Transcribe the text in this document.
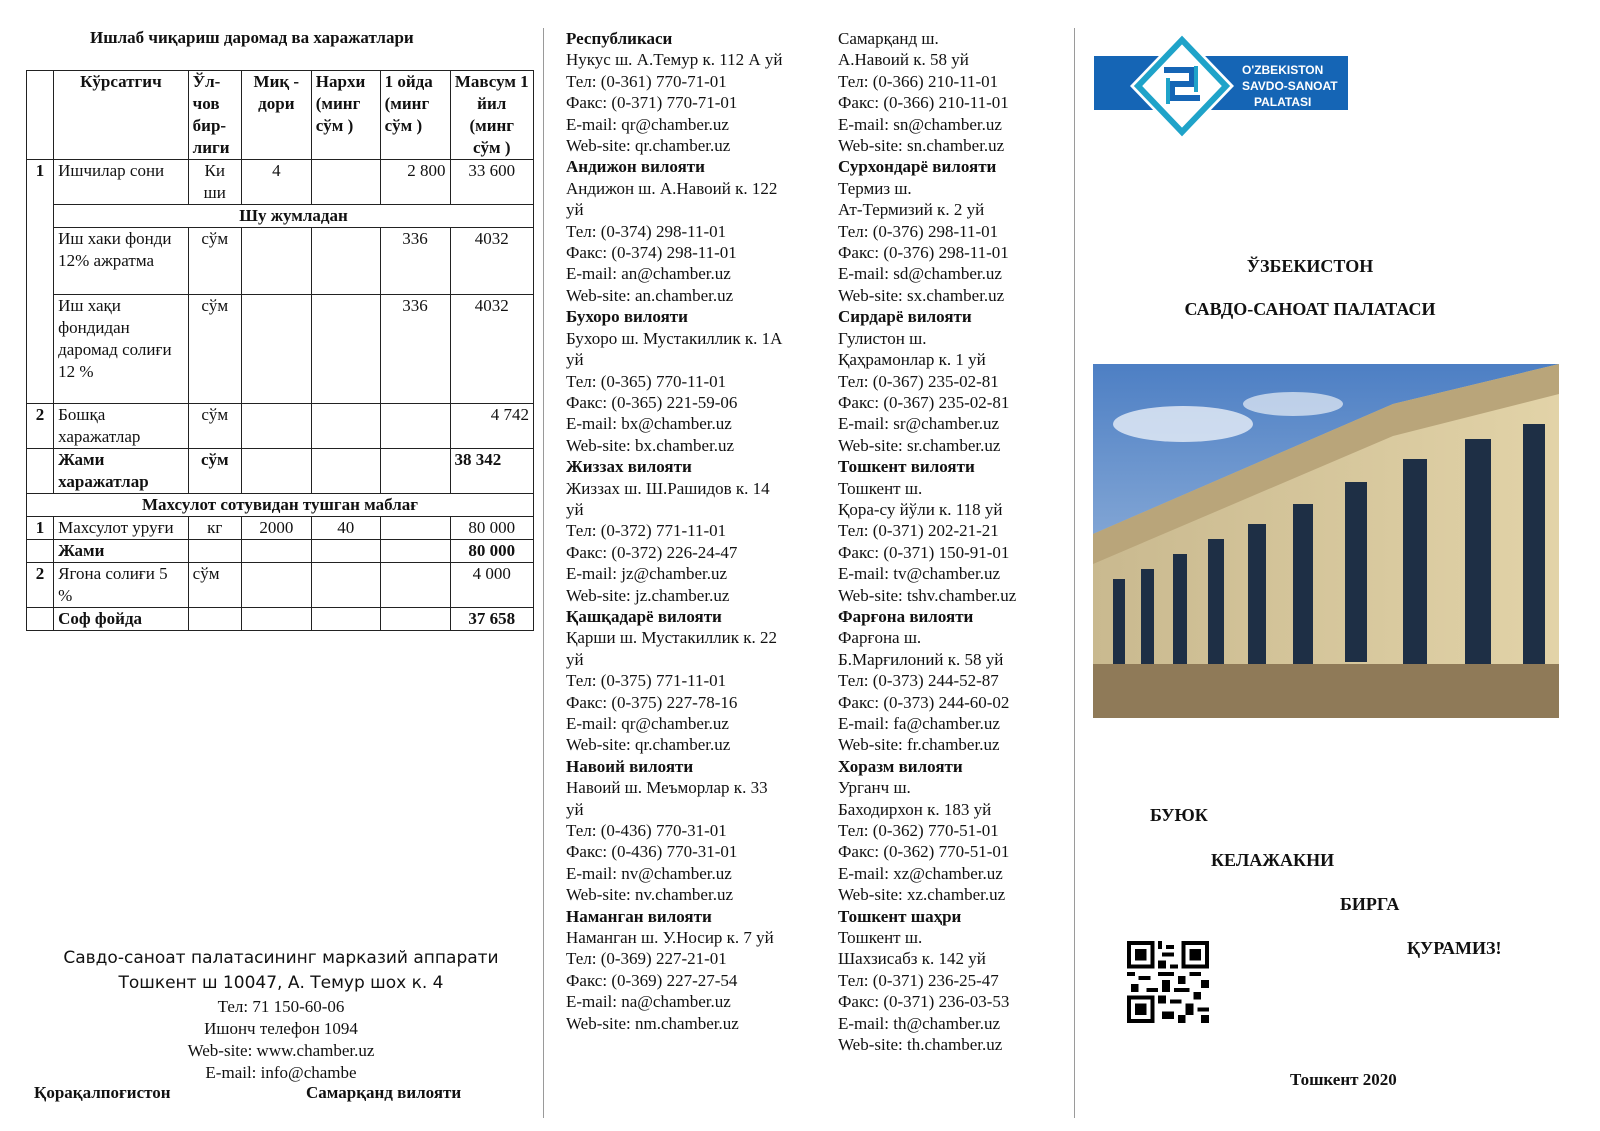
Ишлаб чиқариш даромад ва харажатлари
	Кўрсатгич	Ўл-чов бир-лиги	Миқ - дори	Нархи (минг сўм )	1 ойда (минг сўм )	Мавсум 1 йил (минг сўм )
1	Ишчилар сони	Ки ши	4		2 800	33 600
	Шу жумладан					
	Иш хаки фонди 12% ажратма	сўм			336	4032
	Иш хақи фондидан даромад солиғи 12 %	сўм			336	4032
2	Бошқа харажатлар	сўм				4 742
	Жами харажатлар	сўм				38 342
Махсулот сотувидан тушган маблағ						
1	Махсулот уруғи	кг	2000	40		80 000
	Жами					80 000
2	Ягона солиғи 5 %	сўм				4 000
	Соф фойда					37 658
Савдо-саноат палатасининг марказий аппарати
Тошкент ш 10047, А. Темур шох к. 4
Тел: 71 150-60-06
Ишонч телефон 1094
Web-site: www.chamber.uz
E-mail: info@chambe
Қорақалпоғистон	Самарқанд вилояти
Республикаси
Нукус ш. А.Темур к. 112 А уй
Тел: (0-361) 770-71-01
Факс: (0-371) 770-71-01
E-mail: qr@chamber.uz
Web-site: qr.chamber.uz
Андижон вилояти
Андижон ш. А.Навоий к. 122
уй
Тел: (0-374) 298-11-01
Факс: (0-374) 298-11-01
E-mail: an@chamber.uz
Web-site: an.chamber.uz
Бухоро вилояти
Бухоро ш. Мустакиллик к. 1А
уй
Тел: (0-365) 770-11-01
Факс: (0-365) 221-59-06
E-mail: bx@chamber.uz
Web-site: bx.chamber.uz
Жиззах вилояти
Жиззах ш. Ш.Рашидов к. 14
уй
Тел: (0-372) 771-11-01
Факс: (0-372) 226-24-47
E-mail: jz@chamber.uz
Web-site: jz.chamber.uz
Қашқадарё вилояти
Қарши ш. Мустакиллик к. 22
уй
Тел: (0-375) 771-11-01
Факс: (0-375) 227-78-16
E-mail: qr@chamber.uz
Web-site: qr.chamber.uz
Навоий вилояти
Навоий ш. Меъморлар к. 33
уй
Тел: (0-436) 770-31-01
Факс: (0-436) 770-31-01
E-mail: nv@chamber.uz
Web-site: nv.chamber.uz
Наманган вилояти
Наманган ш. У.Носир к. 7 уй
Тел: (0-369) 227-21-01
Факс: (0-369) 227-27-54
E-mail: na@chamber.uz
Web-site: nm.chamber.uz
Самарқанд ш.
А.Навоий к. 58 уй
Тел: (0-366) 210-11-01
Факс: (0-366) 210-11-01
E-mail: sn@chamber.uz
Web-site: sn.chamber.uz
Сурхондарё вилояти
Термиз ш.
Ат-Термизий к. 2 уй
Тел: (0-376) 298-11-01
Факс: (0-376) 298-11-01
E-mail: sd@chamber.uz
Web-site: sx.chamber.uz
Сирдарё вилояти
Гулистон ш.
Қаҳрамонлар к. 1 уй
Тел: (0-367) 235-02-81
Факс: (0-367) 235-02-81
E-mail: sr@chamber.uz
Web-site: sr.chamber.uz
Тошкент вилояти
Тошкент ш.
Қора-су йўли к. 118 уй
Тел: (0-371) 202-21-21
Факс: (0-371) 150-91-01
E-mail: tv@chamber.uz
Web-site: tshv.chamber.uz
Фарғона вилояти
Фарғона ш.
Б.Марғилоний к. 58 уй
Тел: (0-373) 244-52-87
Факс: (0-373) 244-60-02
E-mail: fa@chamber.uz
Web-site: fr.chamber.uz
Хоразм вилояти
Урганч ш.
Баходирхон к. 183 уй
Тел: (0-362) 770-51-01
Факс: (0-362) 770-51-01
E-mail: xz@chamber.uz
Web-site: xz.chamber.uz
Тошкент шаҳри
Тошкент ш.
Шахзисабз к. 142 уй
Тел: (0-371) 236-25-47
Факс: (0-371) 236-03-53
E-mail: th@chamber.uz
Web-site: th.chamber.uz
O'ZBEKISTON
SAVDO-SANOAT
PALATASI
ЎЗБЕКИСТОН
САВДО-САНОАТ ПАЛАТАСИ
БУЮК
КЕЛАЖАКНИ
БИРГА
ҚУРАМИЗ!
Тошкент 2020
